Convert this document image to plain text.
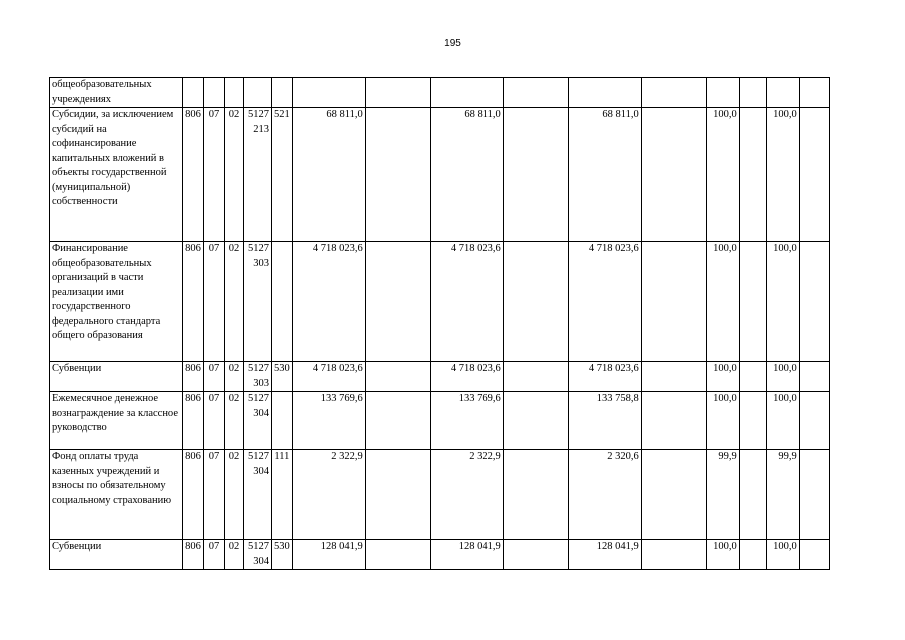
195
общеобразовательных учреждениях															
Субсидии, за исключением субсидий на софинансирование капитальных вложений в объекты государственной (муниципальной) собственности	806	07	02	5127 213	521	68 811,0		68 811,0		68 811,0		100,0		100,0	
Финансирование общеобразовательных организаций в части реализации ими государственного федерального стандарта общего образования	806	07	02	5127 303		4 718 023,6		4 718 023,6		4 718 023,6		100,0		100,0	
Субвенции	806	07	02	5127 303	530	4 718 023,6		4 718 023,6		4 718 023,6		100,0		100,0	
Ежемесячное денежное вознаграждение за классное руководство	806	07	02	5127 304		133 769,6		133 769,6		133 758,8		100,0		100,0	
Фонд оплаты труда казенных учреждений и взносы по обязательному социальному страхованию	806	07	02	5127 304	111	2 322,9		2 322,9		2 320,6		99,9		99,9	
Субвенции	806	07	02	5127 304	530	128 041,9		128 041,9		128 041,9		100,0		100,0	
